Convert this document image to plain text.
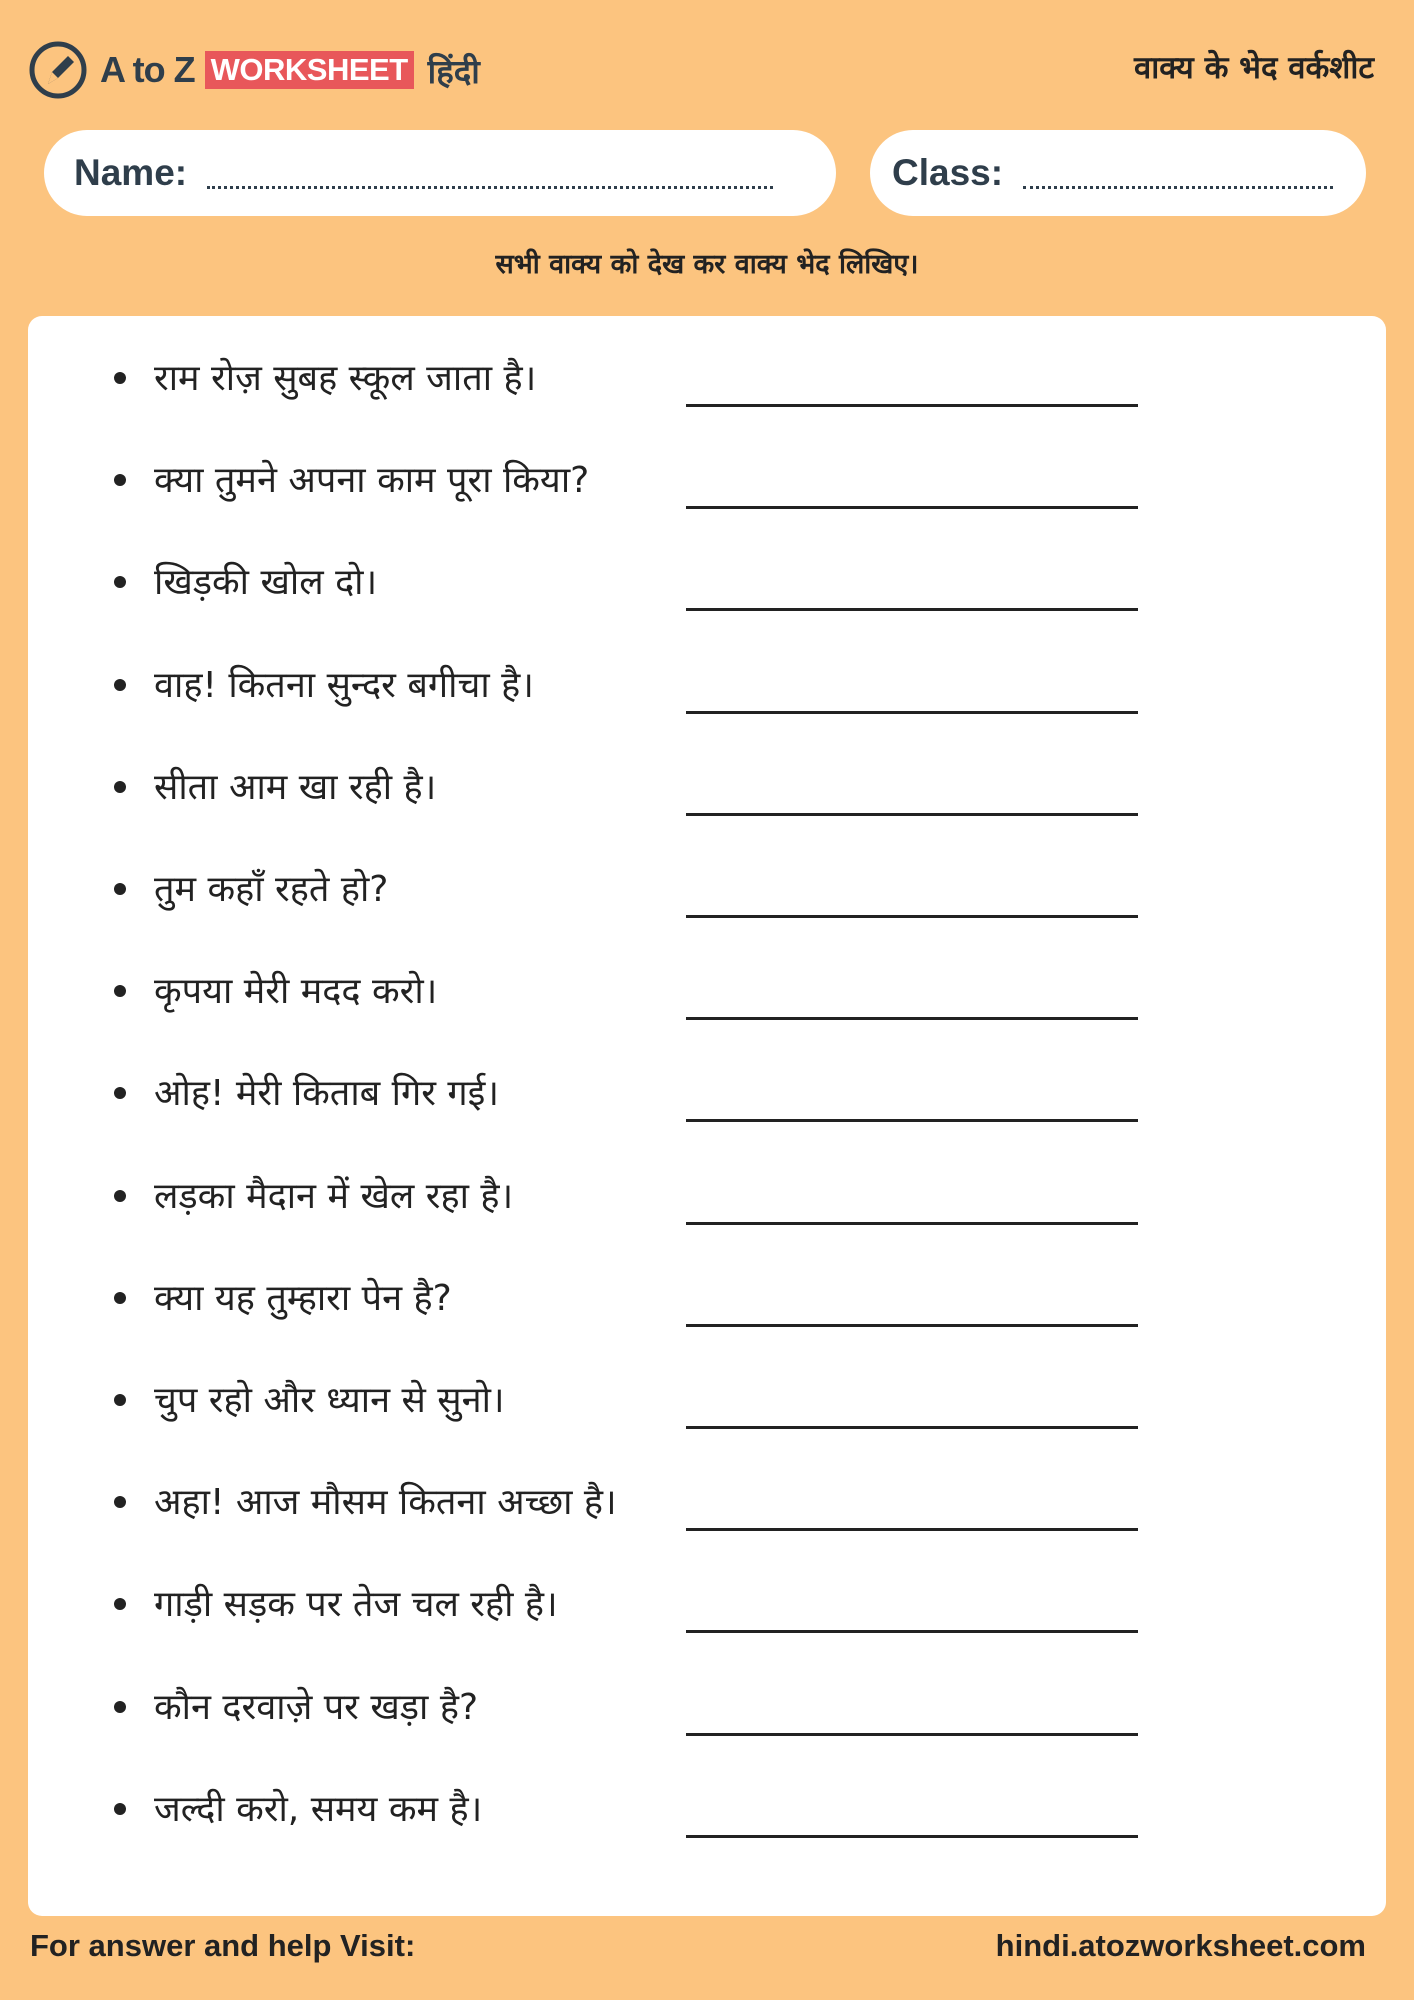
A to Z WORKSHEET हिंदी	वाक्य के भेद वर्कशीट
Name:	Class:
सभी वाक्य को देख कर वाक्य भेद लिखिए।
राम रोज़ सुबह स्कूल जाता है।
क्या तुमने अपना काम पूरा किया?
खिड़की खोल दो।
वाह! कितना सुन्दर बगीचा है।
सीता आम खा रही है।
तुम कहाँ रहते हो?
कृपया मेरी मदद करो।
ओह! मेरी किताब गिर गई।
लड़का मैदान में खेल रहा है।
क्या यह तुम्हारा पेन है?
चुप रहो और ध्यान से सुनो।
अहा! आज मौसम कितना अच्छा है।
गाड़ी सड़क पर तेज चल रही है।
कौन दरवाज़े पर खड़ा है?
जल्दी करो, समय कम है।
For answer and help Visit:	hindi.atozworksheet.com
